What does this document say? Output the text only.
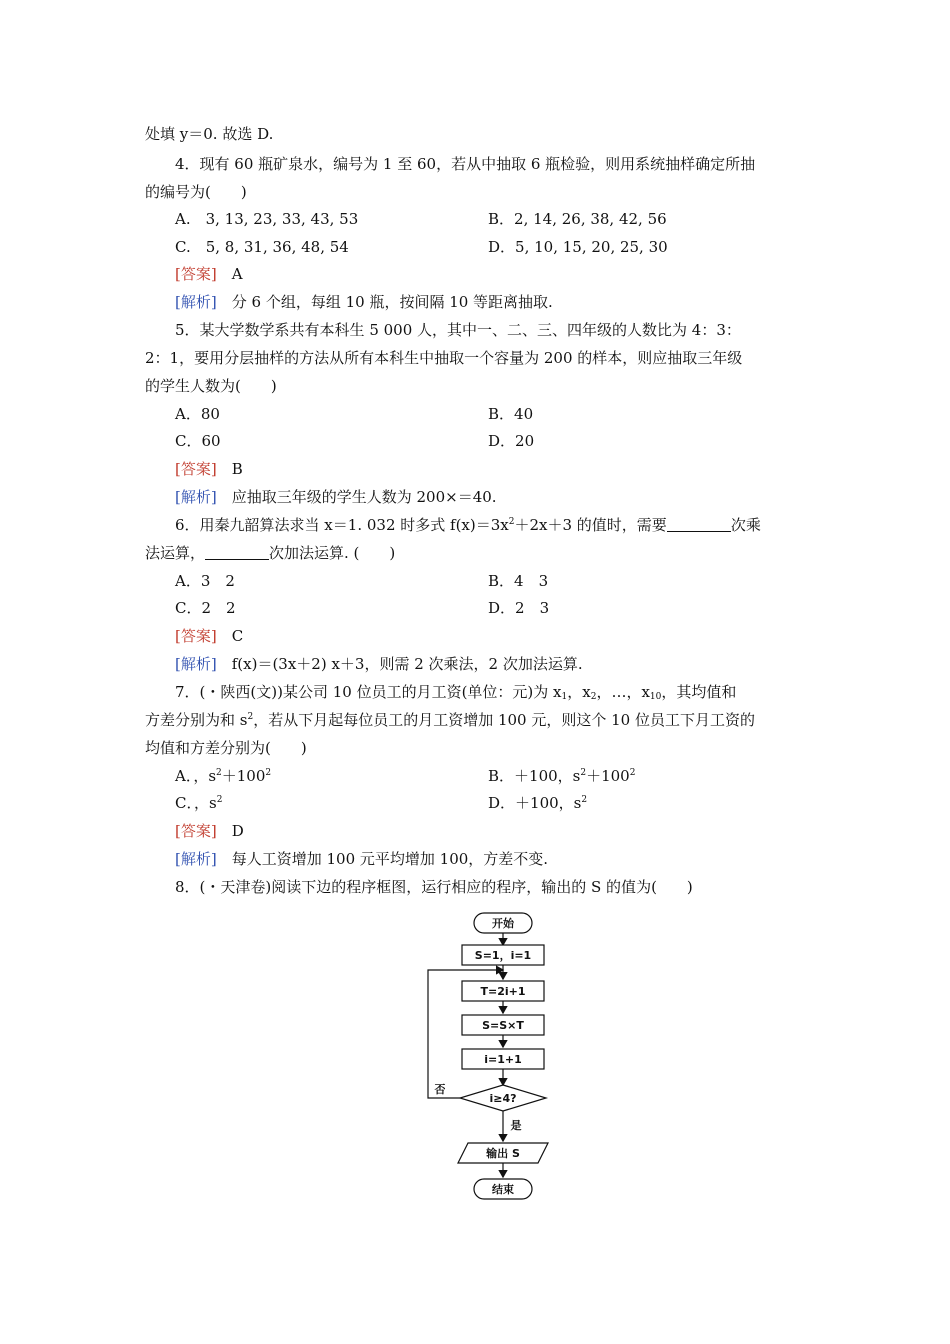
处填 y＝0. 故选 D.
4．现有 60 瓶矿泉水，编号为 1 至 60，若从中抽取 6 瓶检验，则用系统抽样确定所抽
的编号为(　　)
A.　3, 13, 23, 33, 43, 53	B．2, 14, 26, 38, 42, 56
C.　5, 8, 31, 36, 48, 54	D．5, 10, 15, 20, 25, 30
[答案]　 A
[解析]　 分 6 个组，每组 10 瓶，按间隔 10 等距离抽取.
5．某大学数学系共有本科生 5 000 人，其中一、二、三、四年级的人数比为 4：3：
2：1，要用分层抽样的方法从所有本科生中抽取一个容量为 200 的样本，则应抽取三年级
的学生人数为(　　)
A．80	B．40
C．60	D．20
[答案]　 B
[解析]　 应抽取三年级的学生人数为 200×＝40.
6．用秦九韶算法求当 x＝1. 032 时多式 $f(x)=3x^2+2x+3$ 的值时，需要	次乘
法运算，	次加法运算. (　　)
A．3　2	B．4　3
C．2　2	D．2　3
[答案]　 C
[解析]　 f(x)＝(3x＋2) x＋3，则需 2 次乘法，2 次加法运算.
7．(・陕西(文))某公司 10 位员工的月工资(单位：元)为 $x_1$，$x_2$，…，$x_{10}$，其均值和
方差分别为和 $s^2$，若从下月起每位员工的月工资增加 100 元，则这个 10 位员工下月工资的
均值和方差分别为(　　)
A．，$s^2+100^2$	B．＋100，$s^2+100^2$
C．，$s^2$	D．＋100，$s^2$
[答案]　 D
[解析]　 每人工资增加 100 元平均增加 100，方差不变.
8．(・天津卷)阅读下边的程序框图，运行相应的程序，输出的 S 的值为(　　)
开始
S=1，i=1
T=2i+1
S=S×T
i=1+1
i≥4?
否
是
输出 S
结束
